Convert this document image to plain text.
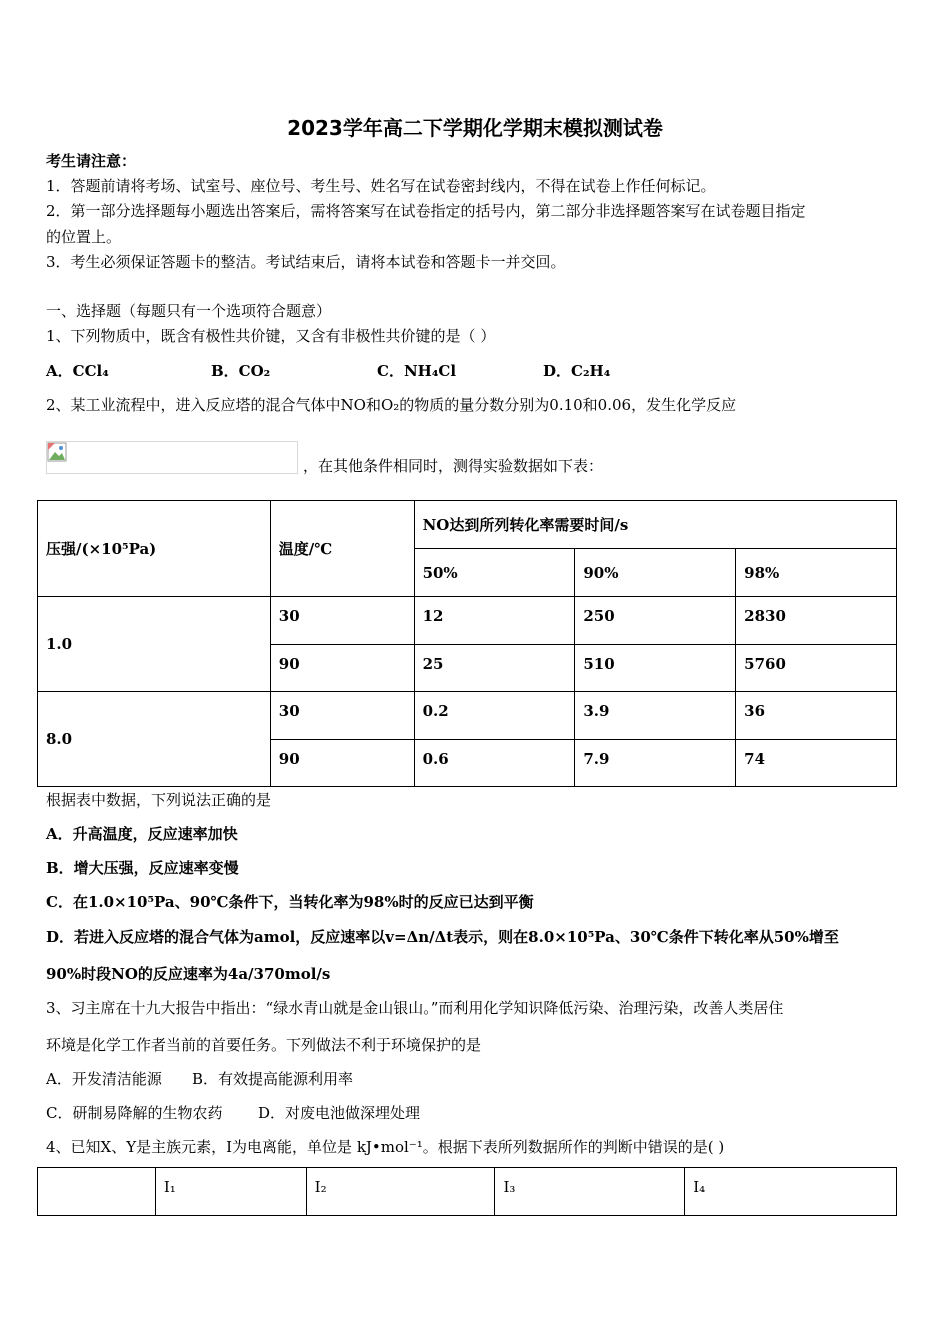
2023学年高二下学期化学期末模拟测试卷
考生请注意：
1．答题前请将考场、试室号、座位号、考生号、姓名写在试卷密封线内，不得在试卷上作任何标记。
2．第一部分选择题每小题选出答案后，需将答案写在试卷指定的括号内，第二部分非选择题答案写在试卷题目指定
的位置上。
3．考生必须保证答题卡的整洁。考试结束后，请将本试卷和答题卡一并交回。
一、选择题（每题只有一个选项符合题意）
1、下列物质中，既含有极性共价键，又含有非极性共价键的是（ ）
A．CCl₄	B．CO₂	C．NH₄Cl	D．C₂H₄
2、某工业流程中，进入反应塔的混合气体中NO和O₂的物质的量分数分别为0.10和0.06，发生化学反应
，在其他条件相同时，测得实验数据如下表：
压强/(×10⁵Pa)	温度/℃	NO达到所列转化率需要时间/s		
		50%	90%	98%
1.0	30	12	250	2830
	90	25	510	5760
8.0	30	0.2	3.9	36
	90	0.6	7.9	74
根据表中数据，下列说法正确的是
A．升高温度，反应速率加快
B．增大压强，反应速率变慢
C．在1.0×10⁵Pa、90℃条件下，当转化率为98%时的反应已达到平衡
D．若进入反应塔的混合气体为amol，反应速率以v=Δn/Δt表示，则在8.0×10⁵Pa、30℃条件下转化率从50%增至
90%时段NO的反应速率为4a/370mol/s
3、习主席在十九大报告中指出：“绿水青山就是金山银山。”而利用化学知识降低污染、治理污染，改善人类居住
环境是化学工作者当前的首要任务。下列做法不利于环境保护的是
A．开发清洁能源 B．有效提高能源利用率
C．研制易降解的生物农药 D．对废电池做深埋处理
4、已知X、Y是主族元素，I为电离能，单位是 kJ•mol⁻¹。根据下表所列数据所作的判断中错误的是( )
	I₁	I₂	I₃	I₄
